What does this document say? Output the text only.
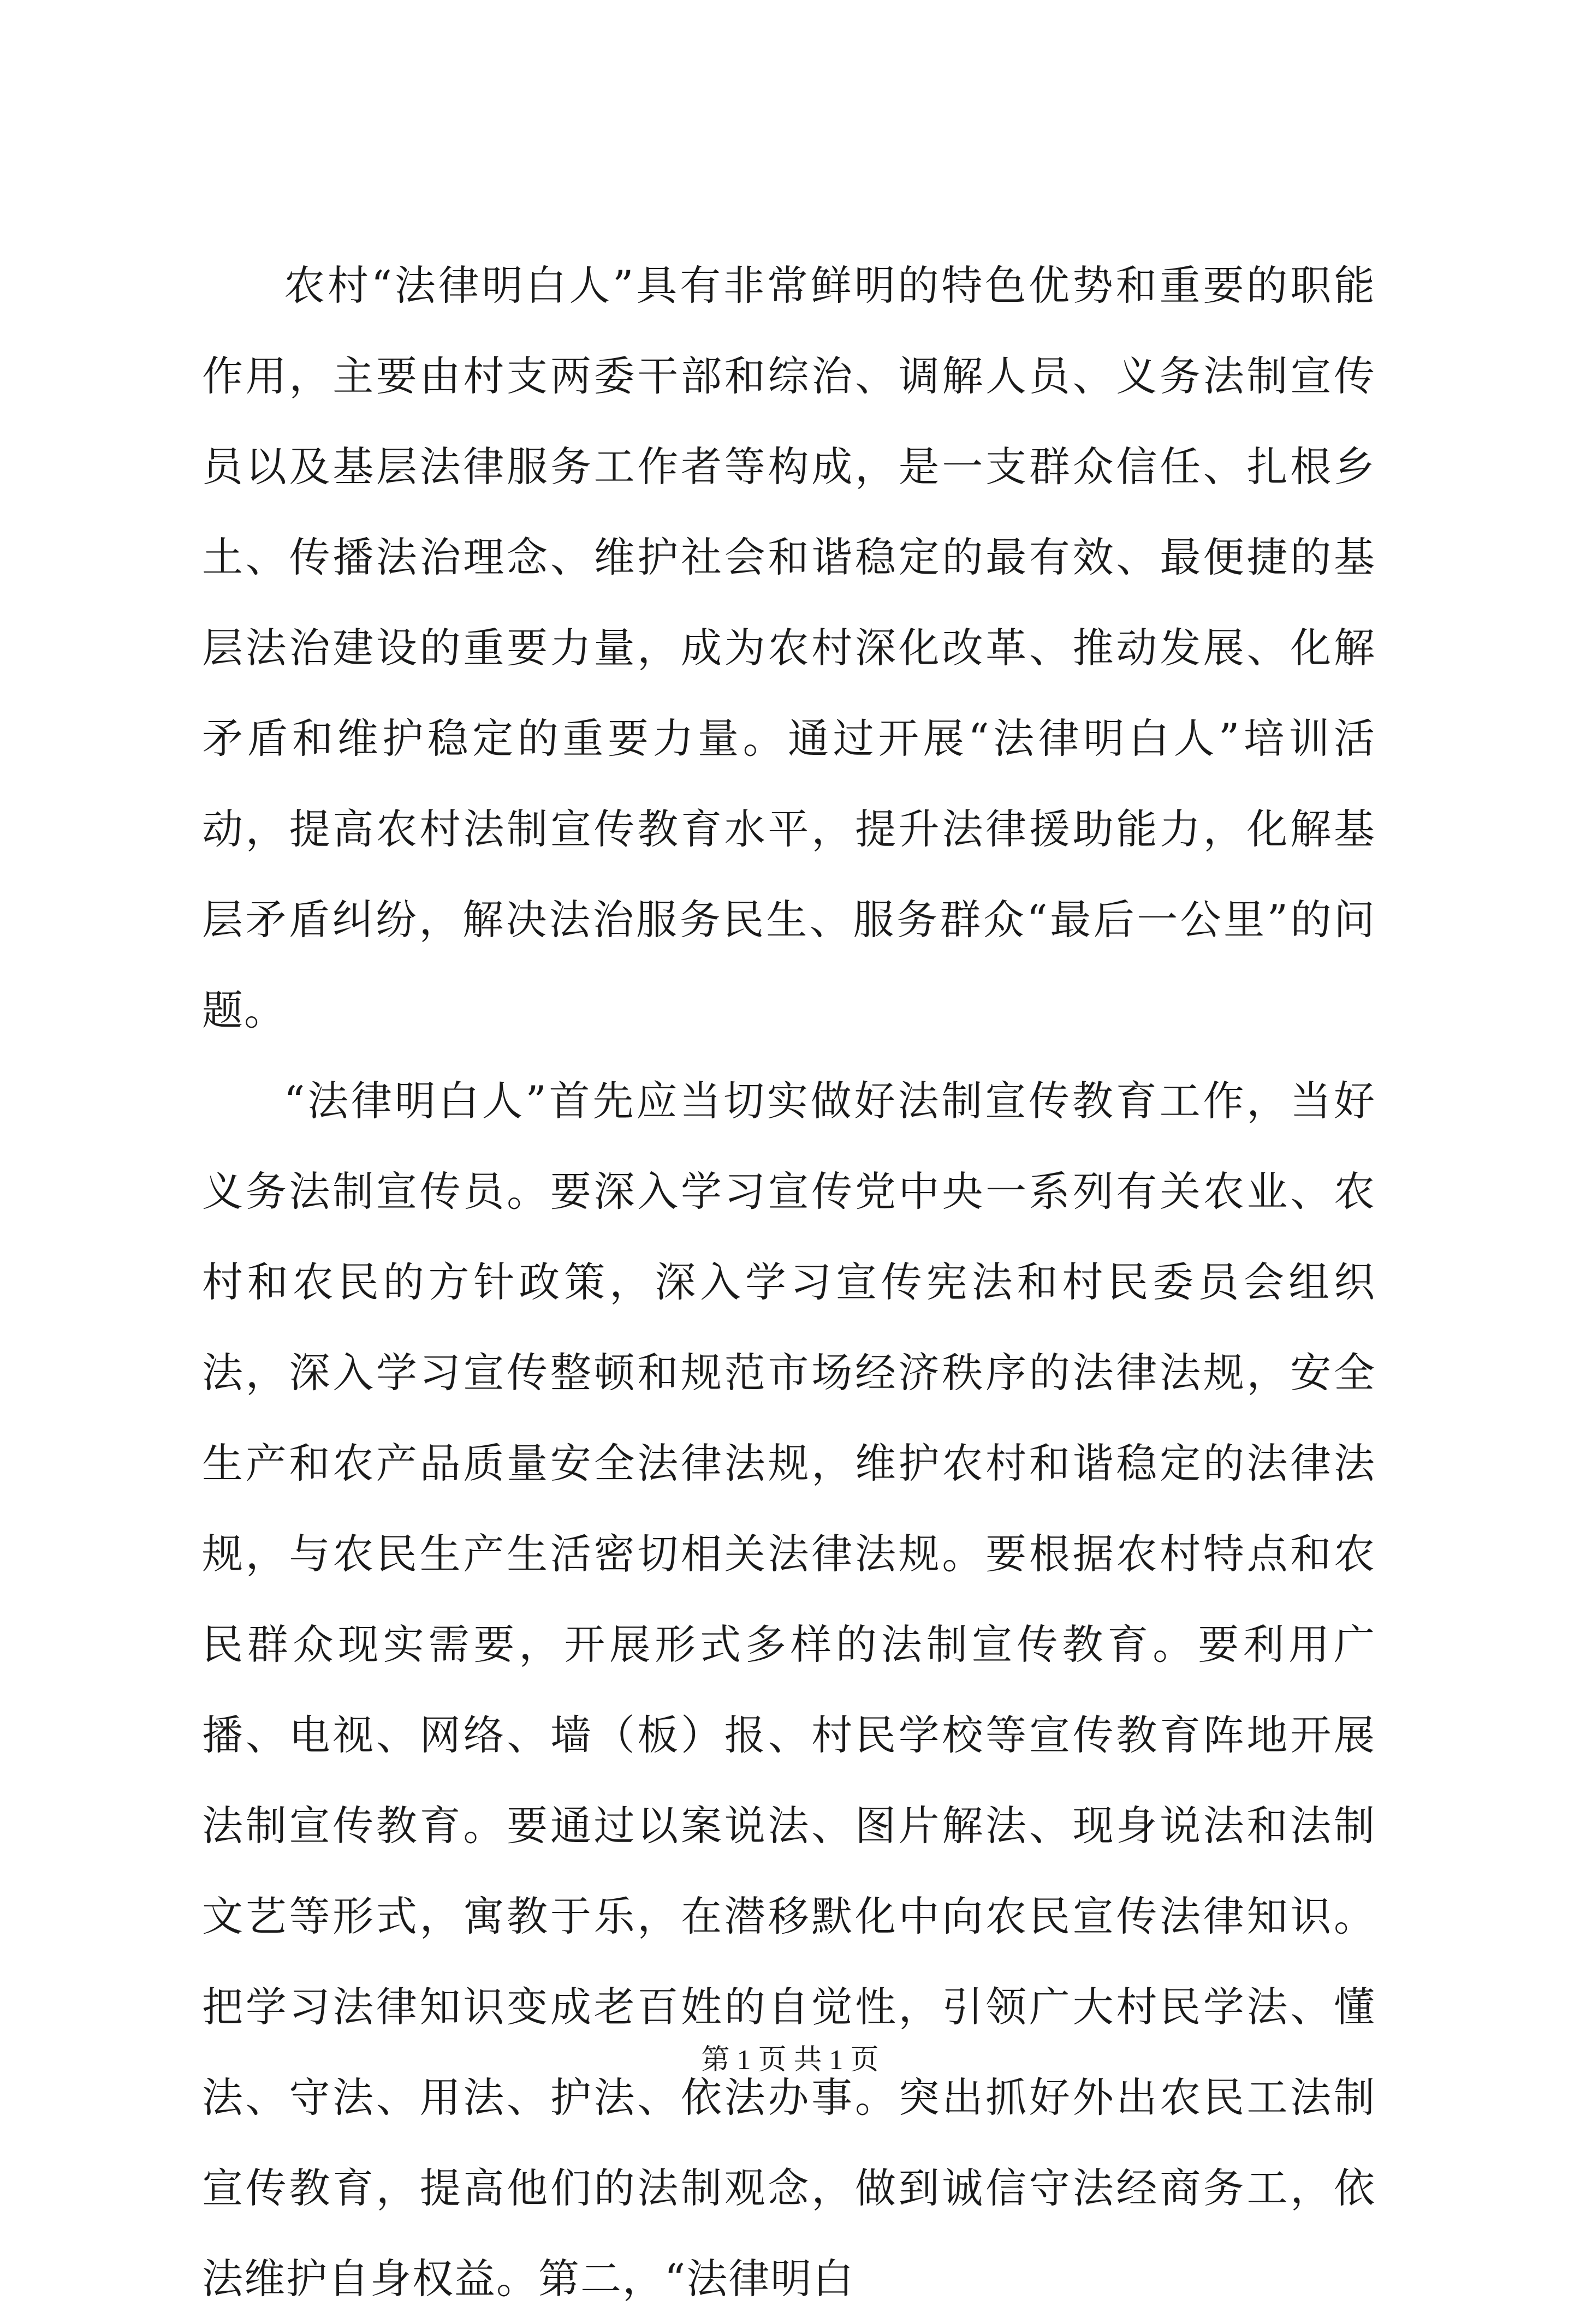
农村“法律明白人”具有非常鲜明的特色优势和重要的职能作用，主要由村支两委干部和综治、调解人员、义务法制宣传员以及基层法律服务工作者等构成，是一支群众信任、扎根乡土、传播法治理念、维护社会和谐稳定的最有效、最便捷的基层法治建设的重要力量，成为农村深化改革、推动发展、化解矛盾和维护稳定的重要力量。通过开展“法律明白人”培训活动，提高农村法制宣传教育水平，提升法律援助能力，化解基层矛盾纠纷，解决法治服务民生、服务群众“最后一公里”的问题。

“法律明白人”首先应当切实做好法制宣传教育工作，当好义务法制宣传员。要深入学习宣传党中央一系列有关农业、农村和农民的方针政策，深入学习宣传宪法和村民委员会组织法，深入学习宣传整顿和规范市场经济秩序的法律法规，安全生产和农产品质量安全法律法规，维护农村和谐稳定的法律法规，与农民生产生活密切相关法律法规。要根据农村特点和农民群众现实需要，开展形式多样的法制宣传教育。要利用广播、电视、网络、墙（板）报、村民学校等宣传教育阵地开展法制宣传教育。要通过以案说法、图片解法、现身说法和法制文艺等形式，寓教于乐，在潜移默化中向农民宣传法律知识。把学习法律知识变成老百姓的自觉性，引领广大村民学法、懂法、守法、用法、护法、依法办事。突出抓好外出农民工法制宣传教育，提高他们的法制观念，做到诚信守法经商务工，依法维护自身权益。第二，“法律明白

第 1 页 共 1 页
